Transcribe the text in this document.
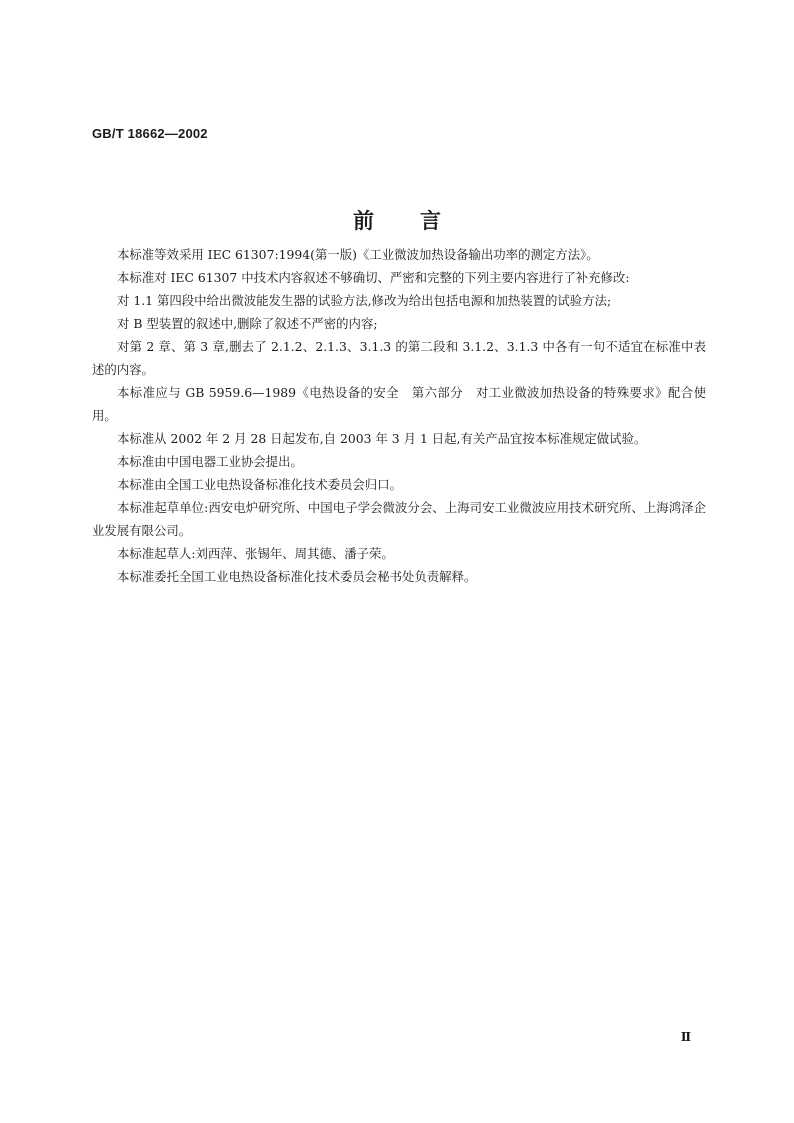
GB/T 18662—2002
前言

本标准等效采用 IEC 61307:1994(第一版)《工业微波加热设备输出功率的测定方法》。

本标准对 IEC 61307 中技术内容叙述不够确切、严密和完整的下列主要内容进行了补充修改:

对 1.1 第四段中给出微波能发生器的试验方法,修改为给出包括电源和加热装置的试验方法;

对 B 型装置的叙述中,删除了叙述不严密的内容;

对第 2 章、第 3 章,删去了 2.1.2、2.1.3、3.1.3 的第二段和 3.1.2、3.1.3 中各有一句不适宜在标准中表述的内容。

本标准应与 GB 5959.6—1989《电热设备的安全　第六部分　对工业微波加热设备的特殊要求》配合使用。

本标准从 2002 年 2 月 28 日起发布,自 2003 年 3 月 1 日起,有关产品宜按本标准规定做试验。

本标准由中国电器工业协会提出。

本标准由全国工业电热设备标准化技术委员会归口。

本标准起草单位:西安电炉研究所、中国电子学会微波分会、上海司安工业微波应用技术研究所、上海鸿泽企业发展有限公司。

本标准起草人:刘西萍、张锡年、周其德、潘子荣。

本标准委托全国工业电热设备标准化技术委员会秘书处负责解释。

Ⅱ
